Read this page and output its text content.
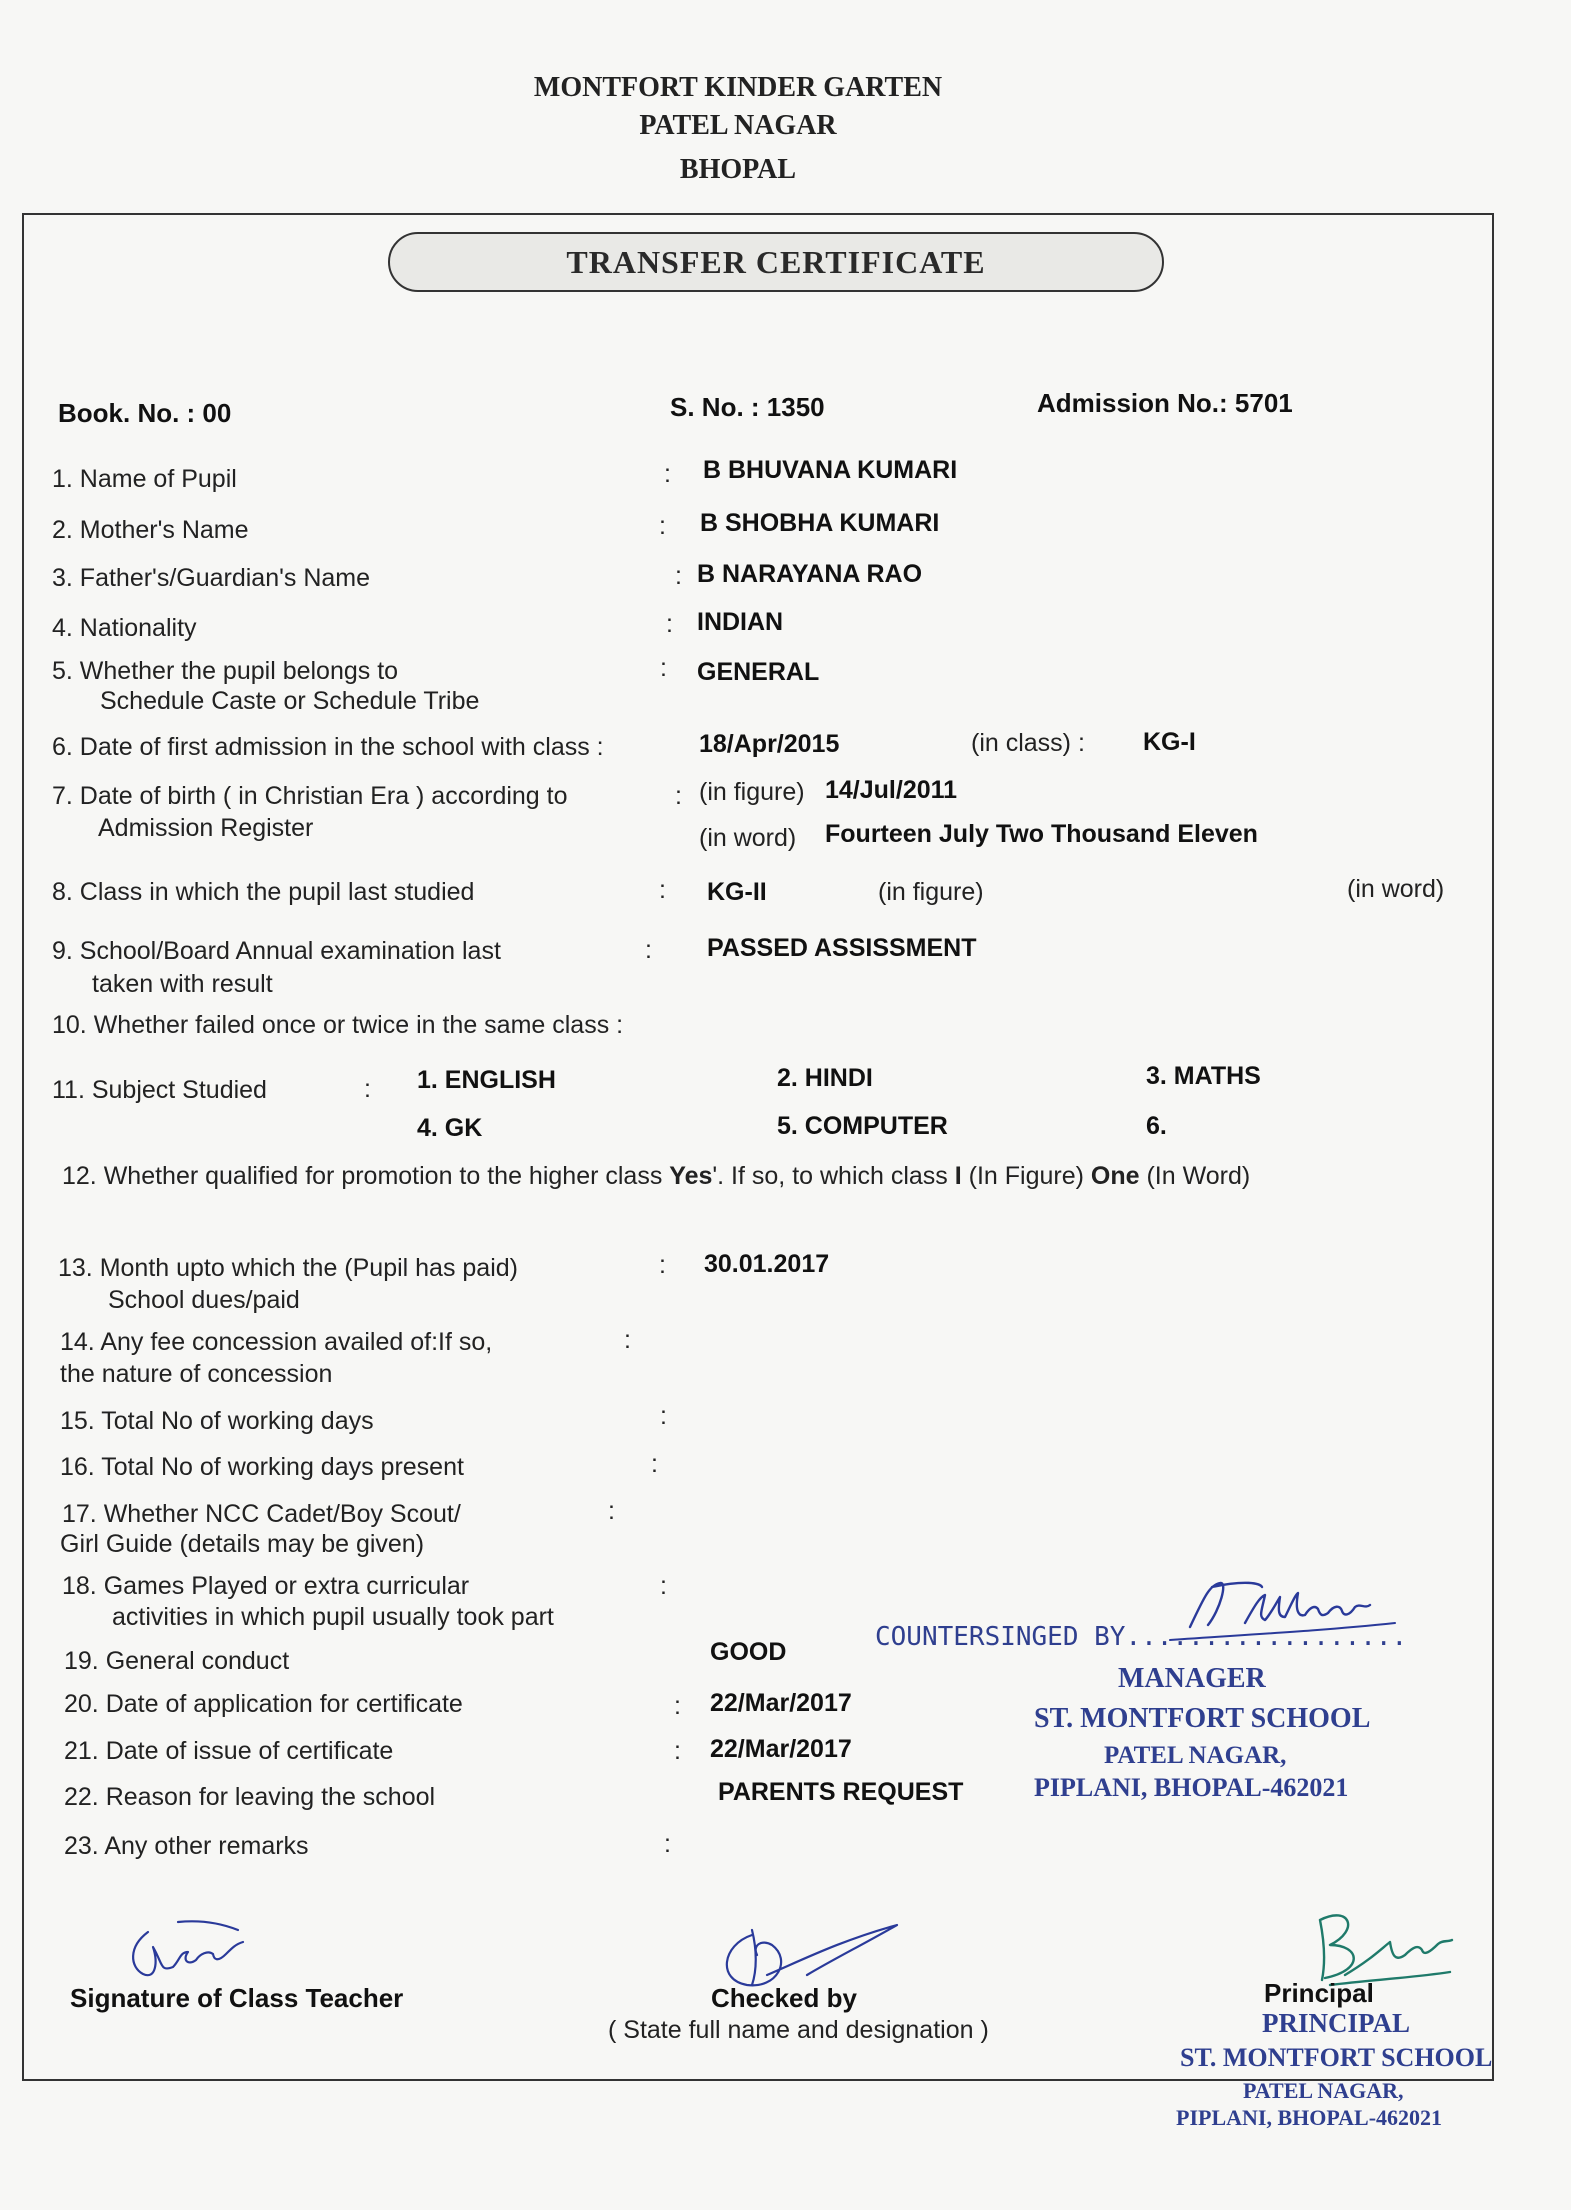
MONTFORT KINDER GARTEN
PATEL NAGAR
BHOPAL
TRANSFER CERTIFICATE
Book. No. : 00	S. No. : 1350	Admission No.: 5701
1. Name of Pupil	: B BHUVANA KUMARI
2. Mother's Name	: B SHOBHA KUMARI
3. Father's/Guardian's Name	: B NARAYANA RAO
4. Nationality	: INDIAN
5. Whether the pupil belongs to
Schedule Caste or Schedule Tribe
: GENERAL
6. Date of first admission in the school with class :	18/Apr/2015	(in class) : KG-I
7. Date of birth ( in Christian Era ) according to
Admission Register
: (in figure) 14/Jul/2011
(in word) Fourteen July Two Thousand Eleven
8. Class in which the pupil last studied	: KG-II	(in figure)	(in word)
9. School/Board Annual examination last
taken with result
: PASSED ASSISSMENT
10. Whether failed once or twice in the same class :
11. Subject Studied	: 1. ENGLISH	2. HINDI	3. MATHS
4. GK	5. COMPUTER	6.
12. Whether qualified for promotion to the higher class Yes'. If so, to which class I (In Figure) One (In Word)
13. Month upto which the (Pupil has paid)
School dues/paid
: 30.01.2017
14. Any fee concession availed of:If so,
the nature of concession
:
15. Total No of working days	:
16. Total No of working days present	:
17. Whether NCC Cadet/Boy Scout/
Girl Guide (details may be given)
:
18. Games Played or extra curricular
activities in which pupil usually took part
:
19. General conduct	GOOD
20. Date of application for certificate	: 22/Mar/2017
21. Date of issue of certificate	: 22/Mar/2017
22. Reason for leaving the school	PARENTS REQUEST
23. Any other remarks	:
COUNTERSINGED BY..................
MANAGER
ST. MONTFORT SCHOOL
PATEL NAGAR,
PIPLANI, BHOPAL-462021
Signature of Class Teacher	Checked by
( State full name and designation )
Principal
PRINCIPAL
ST. MONTFORT SCHOOL
PATEL NAGAR,
PIPLANI, BHOPAL-462021
